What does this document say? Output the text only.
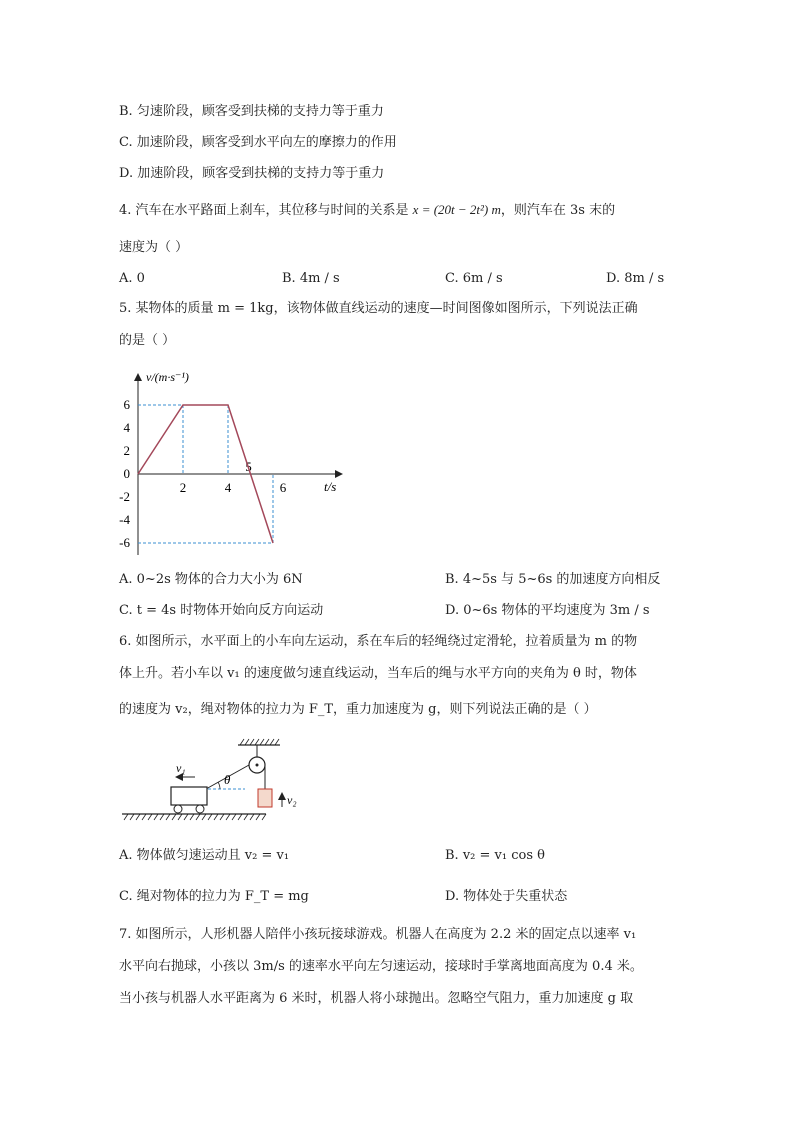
B. 匀速阶段，顾客受到扶梯的支持力等于重力
C. 加速阶段，顾客受到水平向左的摩擦力的作用
D. 加速阶段，顾客受到扶梯的支持力等于重力
4. 汽车在水平路面上刹车，其位移与时间的关系是 x = (20t − 2t²) m，则汽车在 3s 末的
速度为（ ）
A. 0	B. 4m / s	C. 6m / s	D. 8m / s
5. 某物体的质量 m = 1kg，该物体做直线运动的速度—时间图像如图所示，下列说法正确
的是（ ）
6
4
2
0
-2
-4
-6
2	4
5
6
v/(m·s⁻¹)
t/s
A. 0~2s 物体的合力大小为 6N	B. 4~5s 与 5~6s 的加速度方向相反
C. t = 4s 时物体开始向反方向运动	D. 0~6s 物体的平均速度为 3m / s
6. 如图所示，水平面上的小车向左运动，系在车后的轻绳绕过定滑轮，拉着质量为 m 的物
体上升。若小车以 v₁ 的速度做匀速直线运动，当车后的绳与水平方向的夹角为 θ 时，物体
的速度为 v₂，绳对物体的拉力为 F_T，重力加速度为 g，则下列说法正确的是（ ）
θ
v₁
v₂
A. 物体做匀速运动且 v₂ = v₁	B. v₂ = v₁ cos θ
C. 绳对物体的拉力为 F_T = mg	D. 物体处于失重状态
7. 如图所示，人形机器人陪伴小孩玩接球游戏。机器人在高度为 2.2 米的固定点以速率 v₁
水平向右抛球，小孩以 3m/s 的速率水平向左匀速运动，接球时手掌离地面高度为 0.4 米。
当小孩与机器人水平距离为 6 米时，机器人将小球抛出。忽略空气阻力，重力加速度 g 取
